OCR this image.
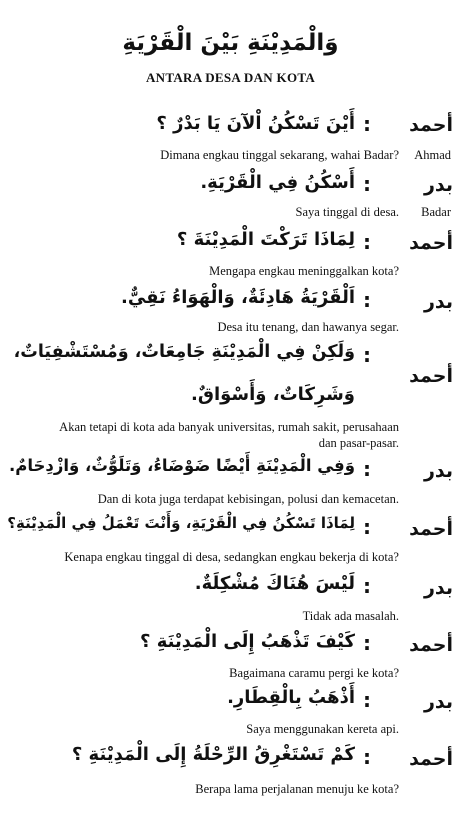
وَالْمَدِيْنَةِ بَيْنَ الْقَرْيَةِ
ANTARA DESA DAN KOTA
أحمد
:
أَيْنَ تَسْكُنُ اْلآنَ يَا بَدْرٌ ؟
Dimana engkau tinggal sekarang, wahai Badar? Ahmad
بدر
:
أَسْكُنُ فِي الْقَرْيَةِ.
Saya tinggal di desa. Badar
أحمد
:
لِمَاذَا تَرَكْتَ الْمَدِيْنَةَ ؟
Mengapa engkau meninggalkan kota?
بدر
:
اَلْقَرْيَةُ هَادِئَةٌ، وَالْهَوَاءُ نَقِيٌّ.
Desa itu tenang, dan hawanya segar.
أحمد
:
وَلَكِنْ فِي الْمَدِيْنَةِ جَامِعَاتٌ، وَمُسْتَشْفِيَاتٌ،
وَشَرِكَاتٌ، وَأَسْوَاقٌ.
Akan tetapi di kota ada banyak universitas, rumah sakit, perusahaan
dan pasar-pasar.
بدر
:
وَفِي الْمَدِيْنَةِ أَيْضًا ضَوْضَاءُ، وَتَلَوُّثٌ، وَازْدِحَامٌ.
Dan di kota juga terdapat kebisingan, polusi dan kemacetan.
أحمد
:
لِمَاذَا تَسْكُنُ فِي الْقَرْيَةِ، وَأَنْتَ تَعْمَلُ فِي الْمَدِيْنَةِ؟
Kenapa engkau tinggal di desa, sedangkan engkau bekerja di kota?
بدر
:
لَيْسَ هُنَاكَ مُشْكِلَةٌ.
Tidak ada masalah.
أحمد
:
كَيْفَ تَذْهَبُ إِلَى الْمَدِيْنَةِ ؟
Bagaimana caramu pergi ke kota?
بدر
:
أَذْهَبُ بِالْقِطَارِ.
Saya menggunakan kereta api.
أحمد
:
كَمْ تَسْتَغْرِقُ الرِّحْلَةُ إِلَى الْمَدِيْنَةِ ؟
Berapa lama perjalanan menuju ke kota?
